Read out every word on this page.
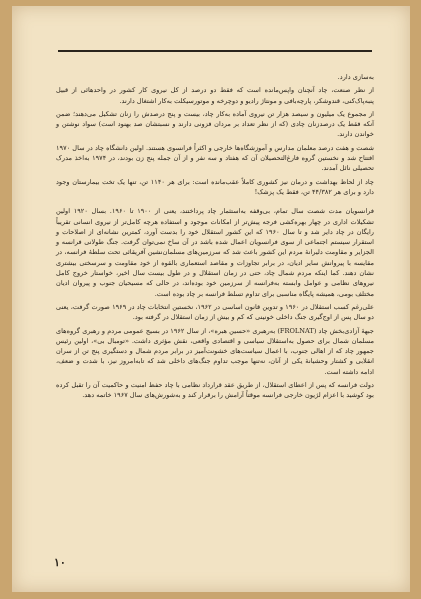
به‌سازی دارد.

از نظر صنعت، چاد آنچنان واپس‌مانده است که فقط دو درصد از کل نیروی کار کشور در واحدهائی از قبیل پنبه‌پاک‌کنی، قندو‌شکر، پارچه‌بافی و مونتاژ رادیو و دوچرخه و موتورسیکلت به‌کار اشتغال دارند.

از مجموع یک میلیون و سیصد هزار تن نیروی آماده به‌کار چاد، بیست و پنج درصدش را زنان تشکیل می‌دهند؛ ضمن آنکه فقط یک درصدزنان چادی (که از نظر تعداد بر مردان فزونی دارند و نسبتشان صد بهنود است) سواد نوشتن و خواندن دارند.

شصت و هفت درصد معلمان مدارس و آموزشگاه‌ها خارجی و اکثراً فرانسوی هستند. اولین دانشگاه چاد در سال ۱۹۷۰ افتتاح شد و نخستین گروه فارغ‌التحصیلان آن که هفتاد و سه نفر و از آن جمله پنج زن بودند، در ۱۹۷۴ به‌اخذ مدرک تحصیلی نائل آمدند.

چاد از لحاظ بهداشت و درمان نیز کشوری کاملاً عقب‌مانده است: برای هر ۱۱۴۰ تن، تنها یک تخت بیمارستان وجود دارد و برای هر ۴۴/۳۸۲ تن، فقط یک پزشک!

فرانسویان مدت شصت سال تمام، بی‌وقفه به‌استثمار چاد پرداختند، یعنی از ۱۹۰۰ تا ۱۹۶۰. بسال ۱۹۲۰ اولین تشکیلات اداری در چهار بهره‌کشی فرجه پیش‌تر از امکانات موجود و استفاده هرچه کامل‌تر از نیروی انسانی تقریباً رایگان در چاد دایر شد و تا سال ۱۹۶۰ که این کشور استقلال خود را بدست آورد، کمترین نشانه‌ای از اصلاحات و استقرار سیستم اجتماعی از سوی فرانسویان اعمال شده باشد در آن ساخ نمی‌توان گرفت. جنگ طولانی فرانسه و الجزایر و مقاومت دلیرانهٔ مردم این کشور باعث شد که سرزمین‌های مسلمان‌نشین آفریقائی تحت سلطهٔ فرانسه، در مقایسه با پیروانش سایر ادیان، در برابر تجاوزات و مقاصد استعماری بالقوه از خود مقاومت و سرسختی بیشتری نشان دهند. کما اینکه مردم شمال چاد، حتی در زمان استقلال و در طول بیست سال اخیر، خواستار خروج کامل نیروهای نظامی و عوامل وابسته به‌فرانسه از سرزمین خود بوده‌اند، در حالی که مسیحیان جنوب و پیروان ادیان مختلف بومی، همیشه پایگاه مناسبی برای تداوم تسلط فرانسه بر چاد بوده است.

علی‌رغم کسب استقلال در ۱۹۶۰ و تدوین قانون اساسی در ۱۹۶۲، نخستین انتخابات چاد در ۱۹۶۹ صورت گرفت، یعنی دو سال پس از اوج‌گیری جنگ داخلی خونینی که کم و بیش از زمان استقلال در گرفته بود.

جبههٔ آزادی‌بخش چاد (FROLNAT) به‌رهبری «حسین هبره»، از سال ۱۹۶۲ در بسیج عمومی مردم و رهبری گروه‌های مسلمان شمال برای حصول به‌استقلال سیاسی و اقتصادی واقعی، نقش مؤثری داشت. «تومبال بی»، اولین رئیس جمهور چاد که از اهالی جنوب، با اعمال سیاست‌های خشونت‌آمیز در برابر مردم شمال و دستگیری پنج تن از سران انقلابی و کشتار وحشیانهٔ یکی از آنان، نه‌تنها موجب تداوم جنگ‌های داخلی شد که تا‌به‌امروز نیز، با شدت و ضعف، ادامه داشته است.

دولت فرانسه که پس از اعطای استقلال، از طریق عقد قرارداد نظامی با چاد حفظ امنیت و حاکمیت آن را تقبل کرده بود کوشید با اعزام لژیون خارجی فرانسه موقتاً آرامش را برقرار کند و به‌شورش‌های سال ۱۹۶۷ خاتمه دهد.

۱۰
